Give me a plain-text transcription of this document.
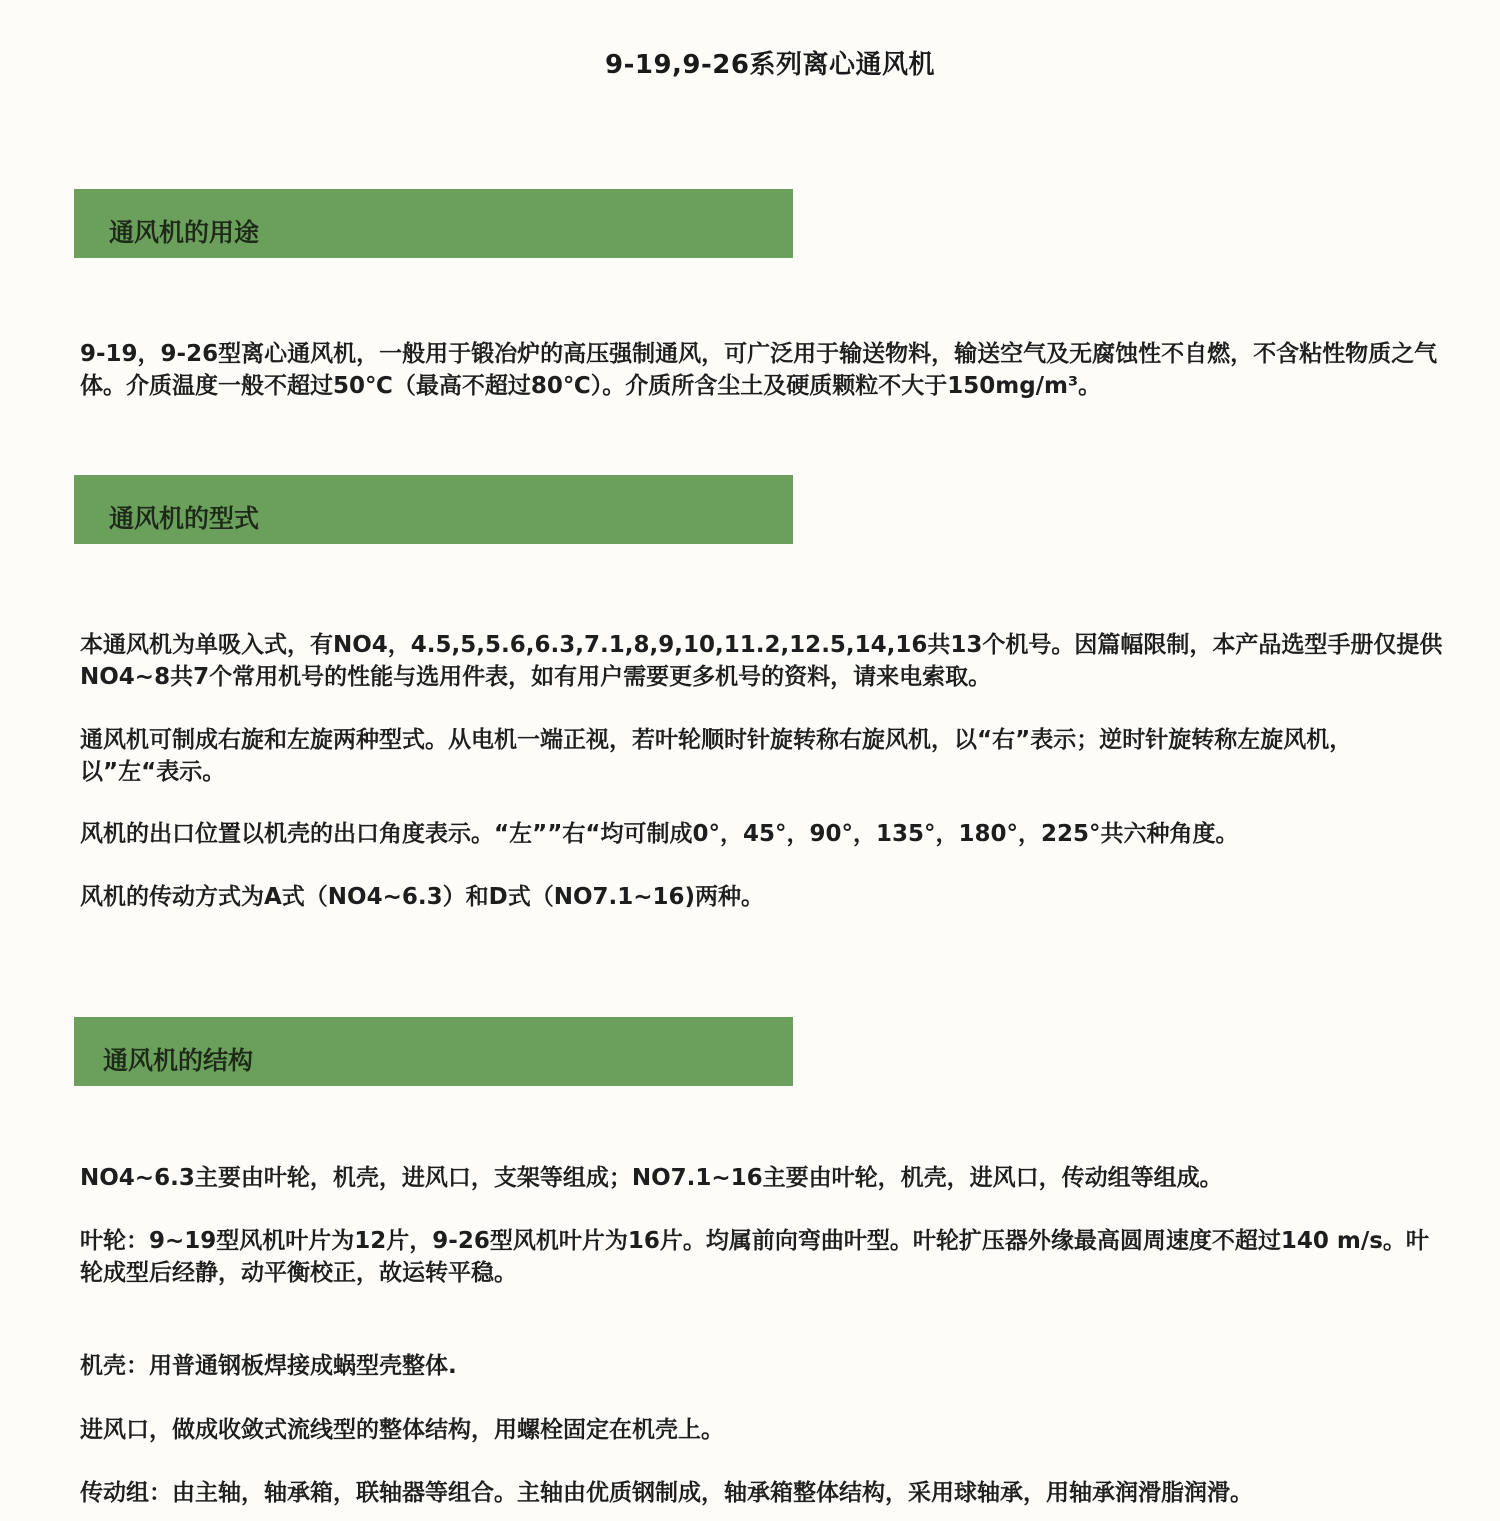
9-19,9-26系列离心通风机
通风机的用途

9-19，9-26型离心通风机，一般用于锻冶炉的高压强制通风，可广泛用于输送物料，输送空气及无腐蚀性不自燃，不含粘性物质之气体。介质温度一般不超过50℃（最高不超过80℃）。介质所含尘土及硬质颗粒不大于150mg/m³。

通风机的型式

本通风机为单吸入式，有NO4，4.5,5,5.6,6.3,7.1,8,9,10,11.2,12.5,14,16共13个机号。因篇幅限制，本产品选型手册仅提供NO4~8共7个常用机号的性能与选用件表，如有用户需要更多机号的资料，请来电索取。

通风机可制成右旋和左旋两种型式。从电机一端正视，若叶轮顺时针旋转称右旋风机，以“右”表示；逆时针旋转称左旋风机，以”左“表示。

风机的出口位置以机壳的出口角度表示。“左””右“均可制成0°，45°，90°，135°，180°，225°共六种角度。

风机的传动方式为A式（NO4~6.3）和D式（NO7.1~16)两种。

通风机的结构

NO4~6.3主要由叶轮，机壳，进风口，支架等组成；NO7.1~16主要由叶轮，机壳，进风口，传动组等组成。

叶轮：9~19型风机叶片为12片，9-26型风机叶片为16片。均属前向弯曲叶型。叶轮扩压器外缘最高圆周速度不超过140 m/s。叶轮成型后经静，动平衡校正，故运转平稳。

机壳：用普通钢板焊接成蜗型壳整体.

进风口，做成收敛式流线型的整体结构，用螺栓固定在机壳上。

传动组：由主轴，轴承箱，联轴器等组合。主轴由优质钢制成，轴承箱整体结构，采用球轴承，用轴承润滑脂润滑。
